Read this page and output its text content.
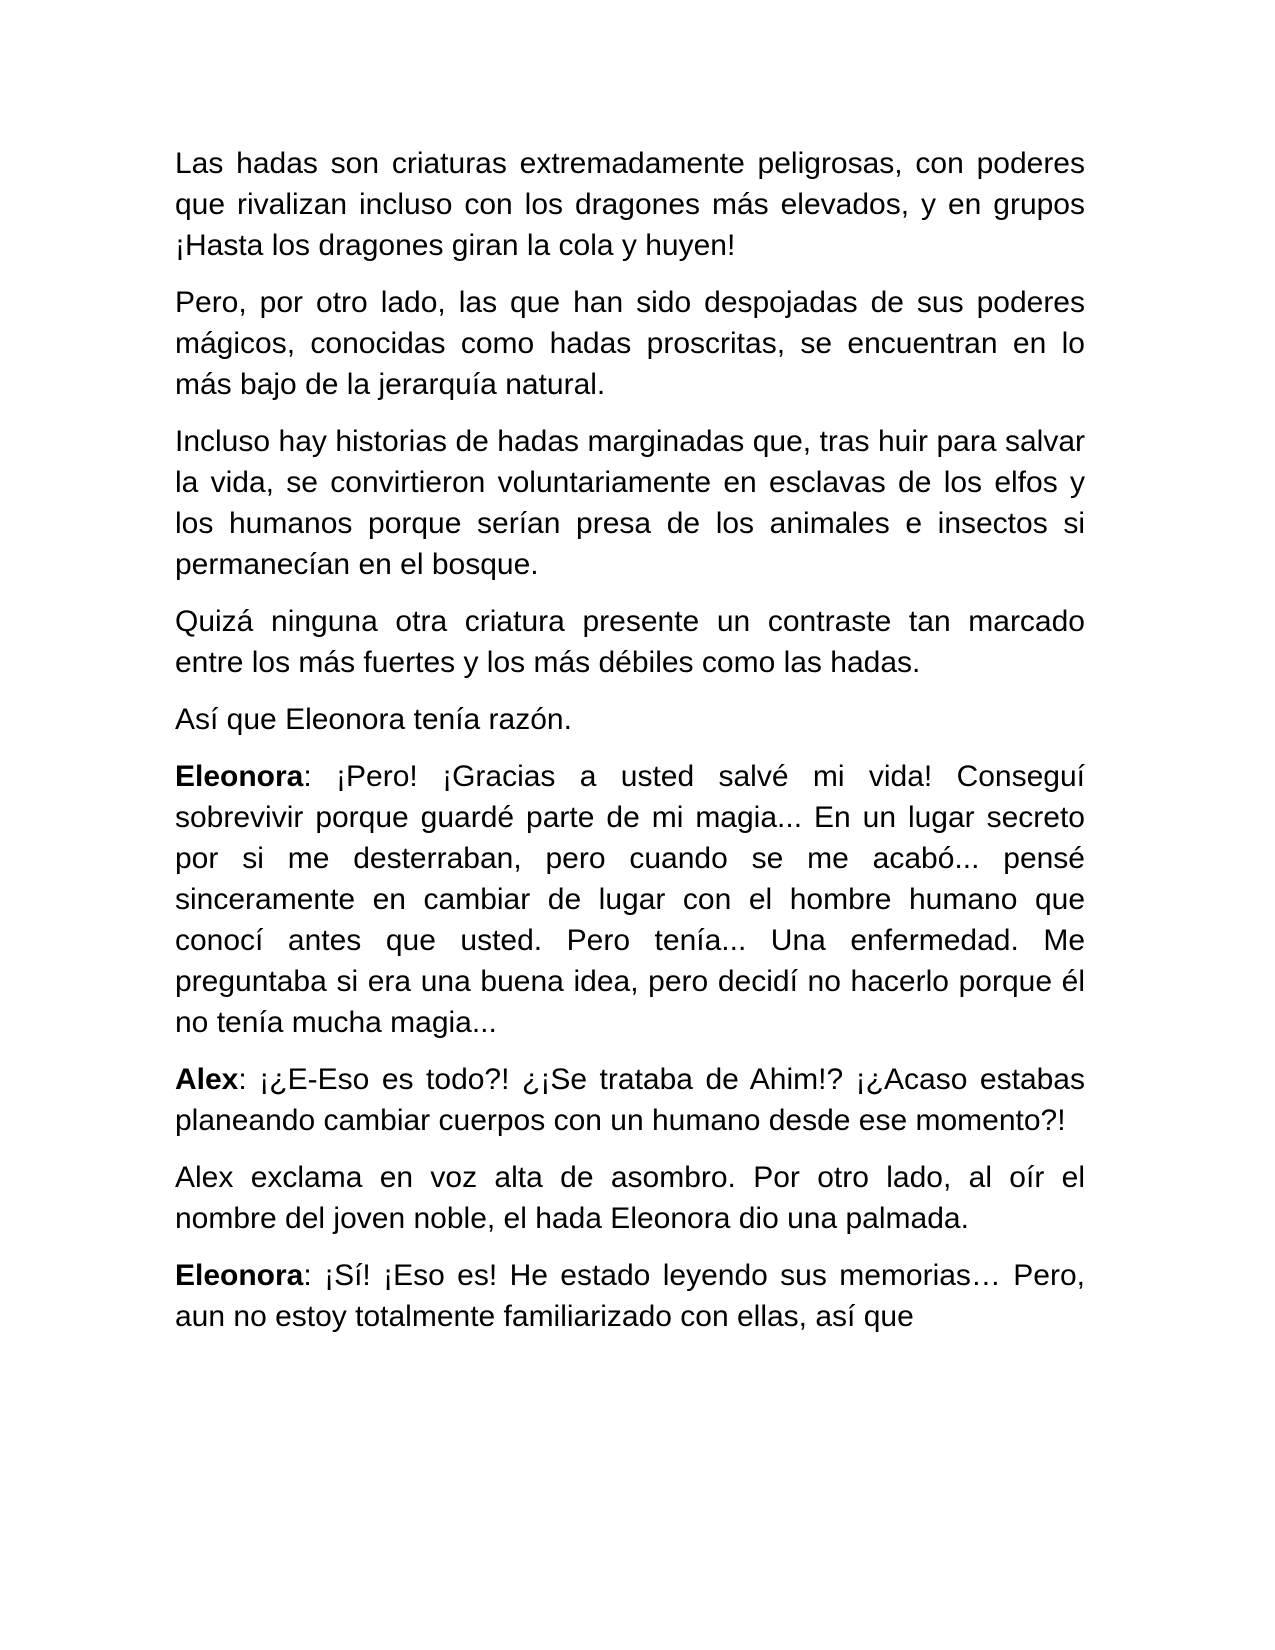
Las hadas son criaturas extremadamente peligrosas, con poderes que rivalizan incluso con los dragones más elevados, y en grupos ¡Hasta los dragones giran la cola y huyen!

Pero, por otro lado, las que han sido despojadas de sus poderes mágicos, conocidas como hadas proscritas, se encuentran en lo más bajo de la jerarquía natural.

Incluso hay historias de hadas marginadas que, tras huir para salvar la vida, se convirtieron voluntariamente en esclavas de los elfos y los humanos porque serían presa de los animales e insectos si permanecían en el bosque.

Quizá ninguna otra criatura presente un contraste tan marcado entre los más fuertes y los más débiles como las hadas.

Así que Eleonora tenía razón.

Eleonora: ¡Pero! ¡Gracias a usted salvé mi vida! Conseguí sobrevivir porque guardé parte de mi magia... En un lugar secreto por si me desterraban, pero cuando se me acabó... pensé sinceramente en cambiar de lugar con el hombre humano que conocí antes que usted. Pero tenía... Una enfermedad. Me preguntaba si era una buena idea, pero decidí no hacerlo porque él no tenía mucha magia...

Alex: ¡¿E-Eso es todo?! ¿¡Se trataba de Ahim!? ¡¿Acaso estabas planeando cambiar cuerpos con un humano desde ese momento?!

Alex exclama en voz alta de asombro. Por otro lado, al oír el nombre del joven noble, el hada Eleonora dio una palmada.

Eleonora: ¡Sí! ¡Eso es! He estado leyendo sus memorias… Pero, aun no estoy totalmente familiarizado con ellas, así que
